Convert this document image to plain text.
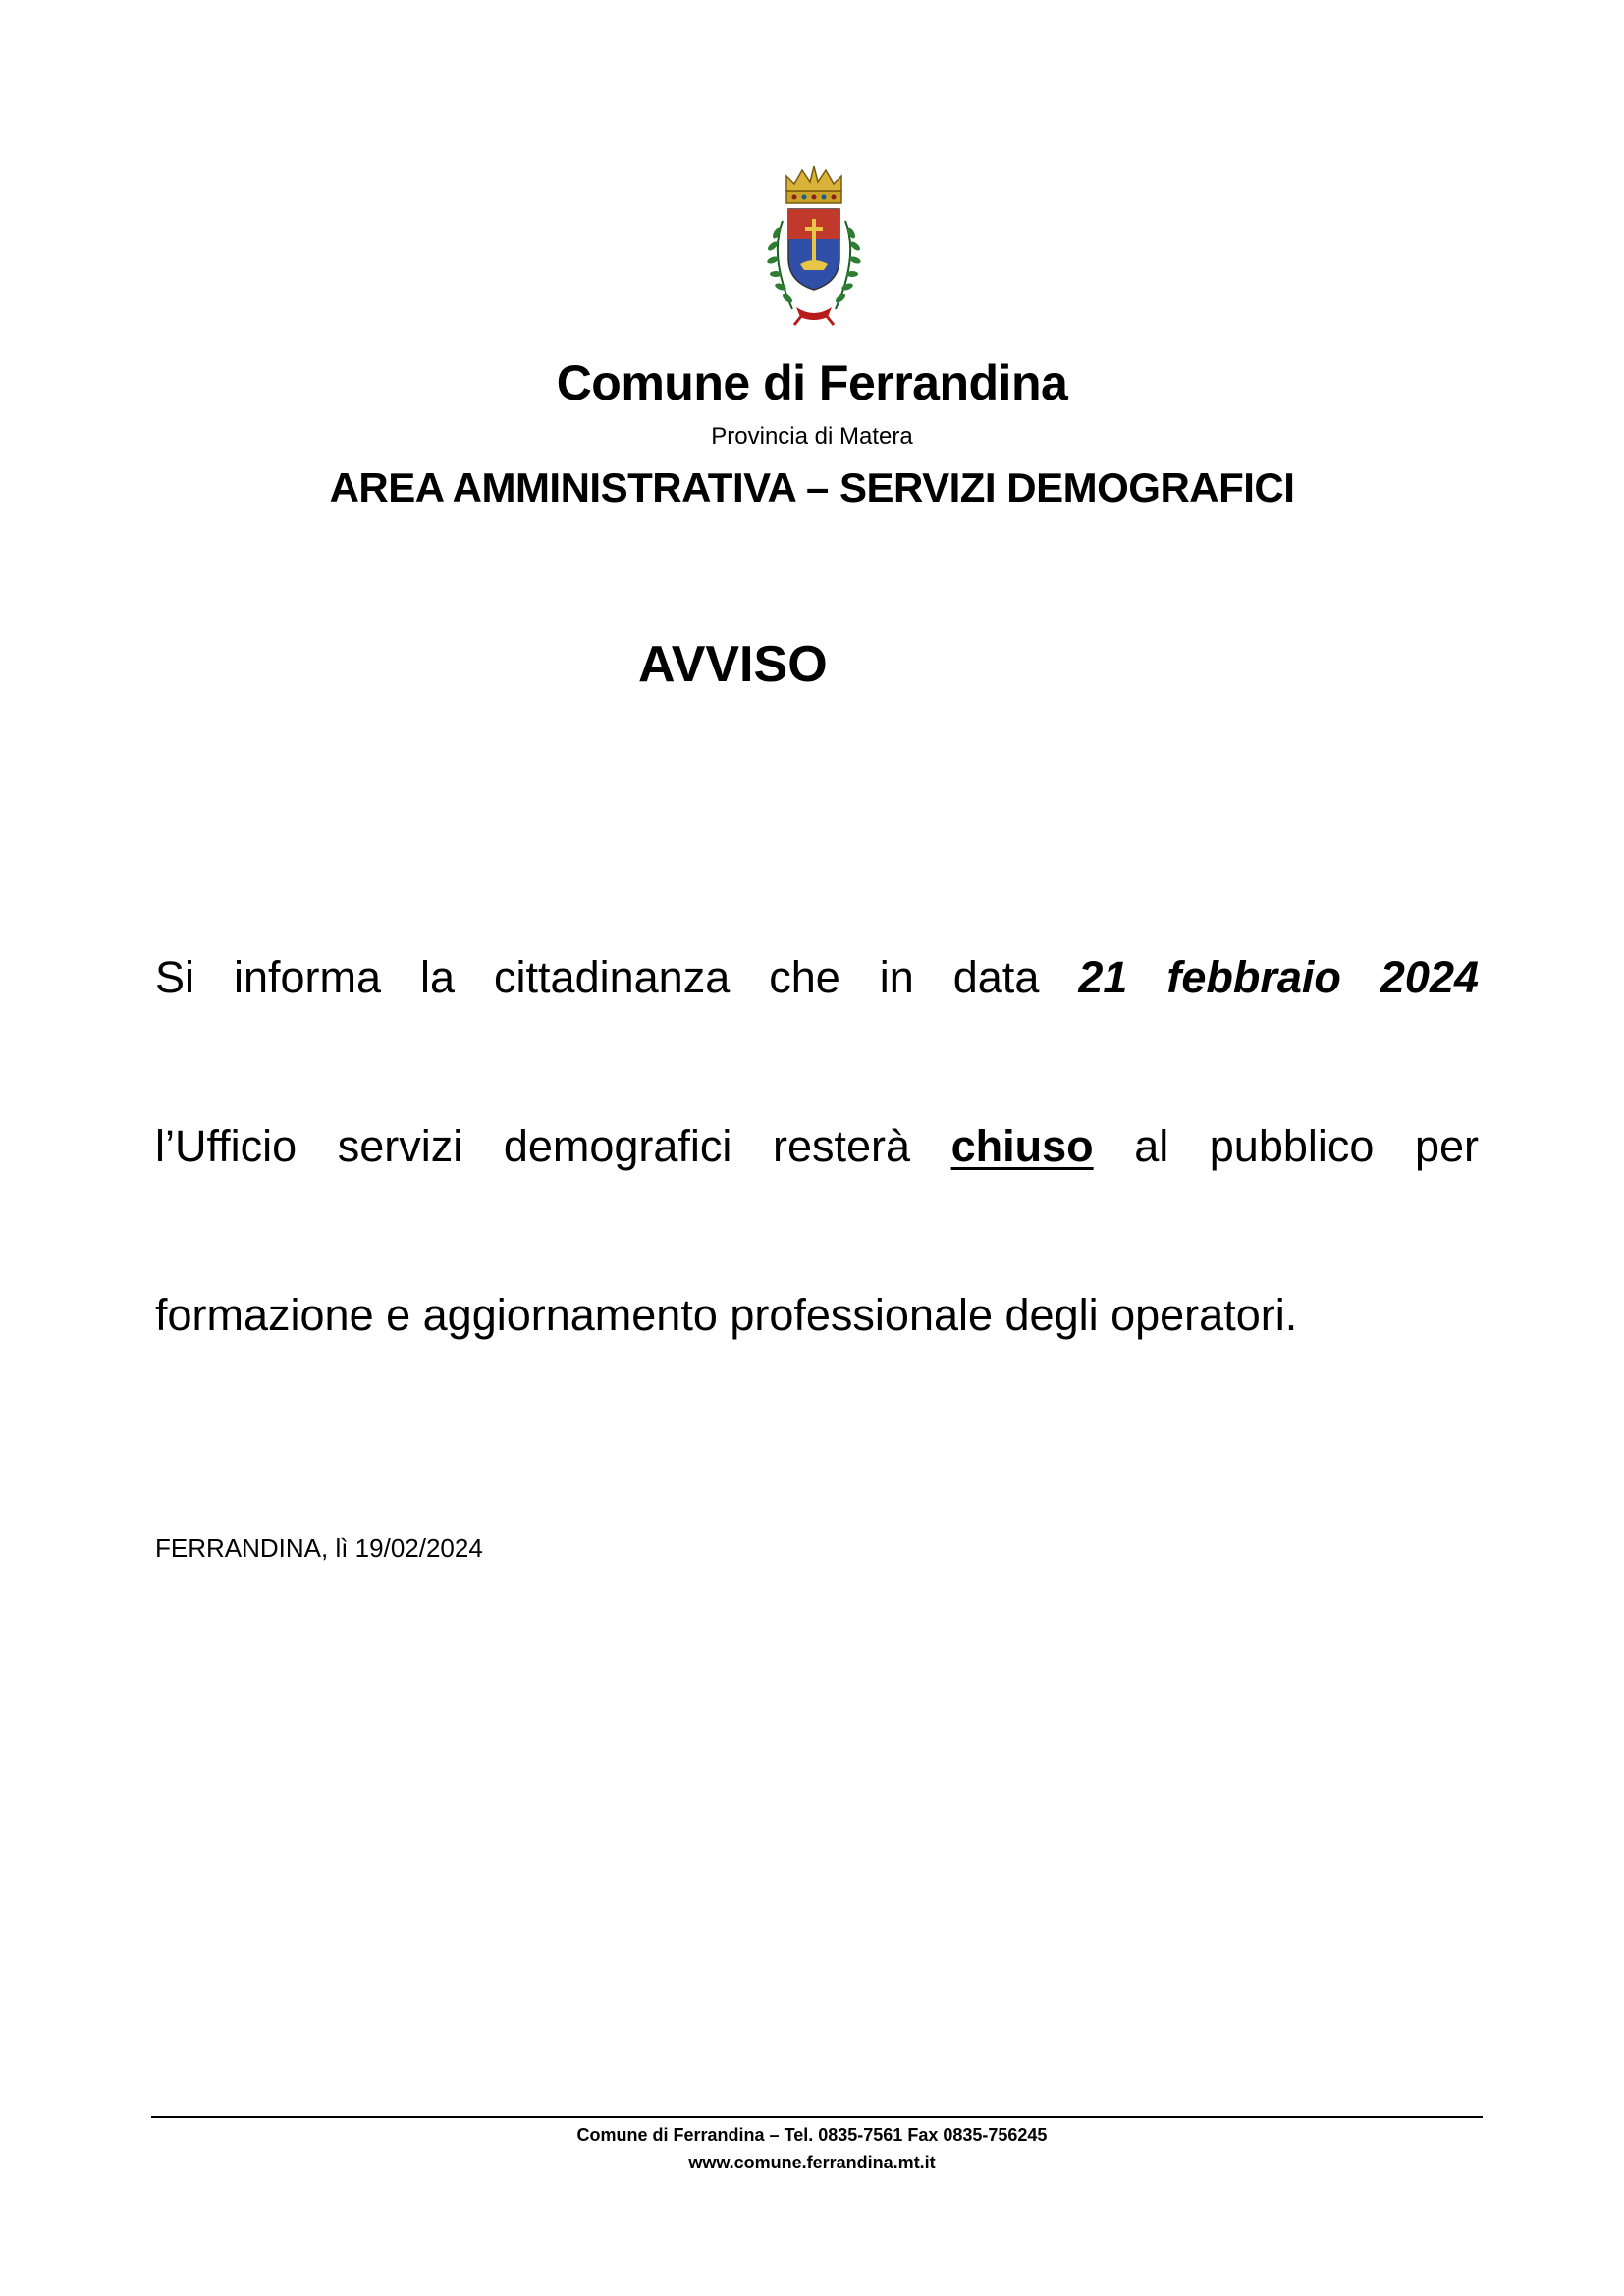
Comune di Ferrandina
Provincia di Matera
AREA AMMINISTRATIVA – SERVIZI DEMOGRAFICI
AVVISO
Si informa la cittadinanza che in data 21 febbraio 2024
l’Ufficio servizi demografici resterà chiuso al pubblico per
formazione e aggiornamento professionale degli operatori.
FERRANDINA, lì 19/02/2024
Comune di Ferrandina – Tel. 0835-7561 Fax 0835-756245
www.comune.ferrandina.mt.it
